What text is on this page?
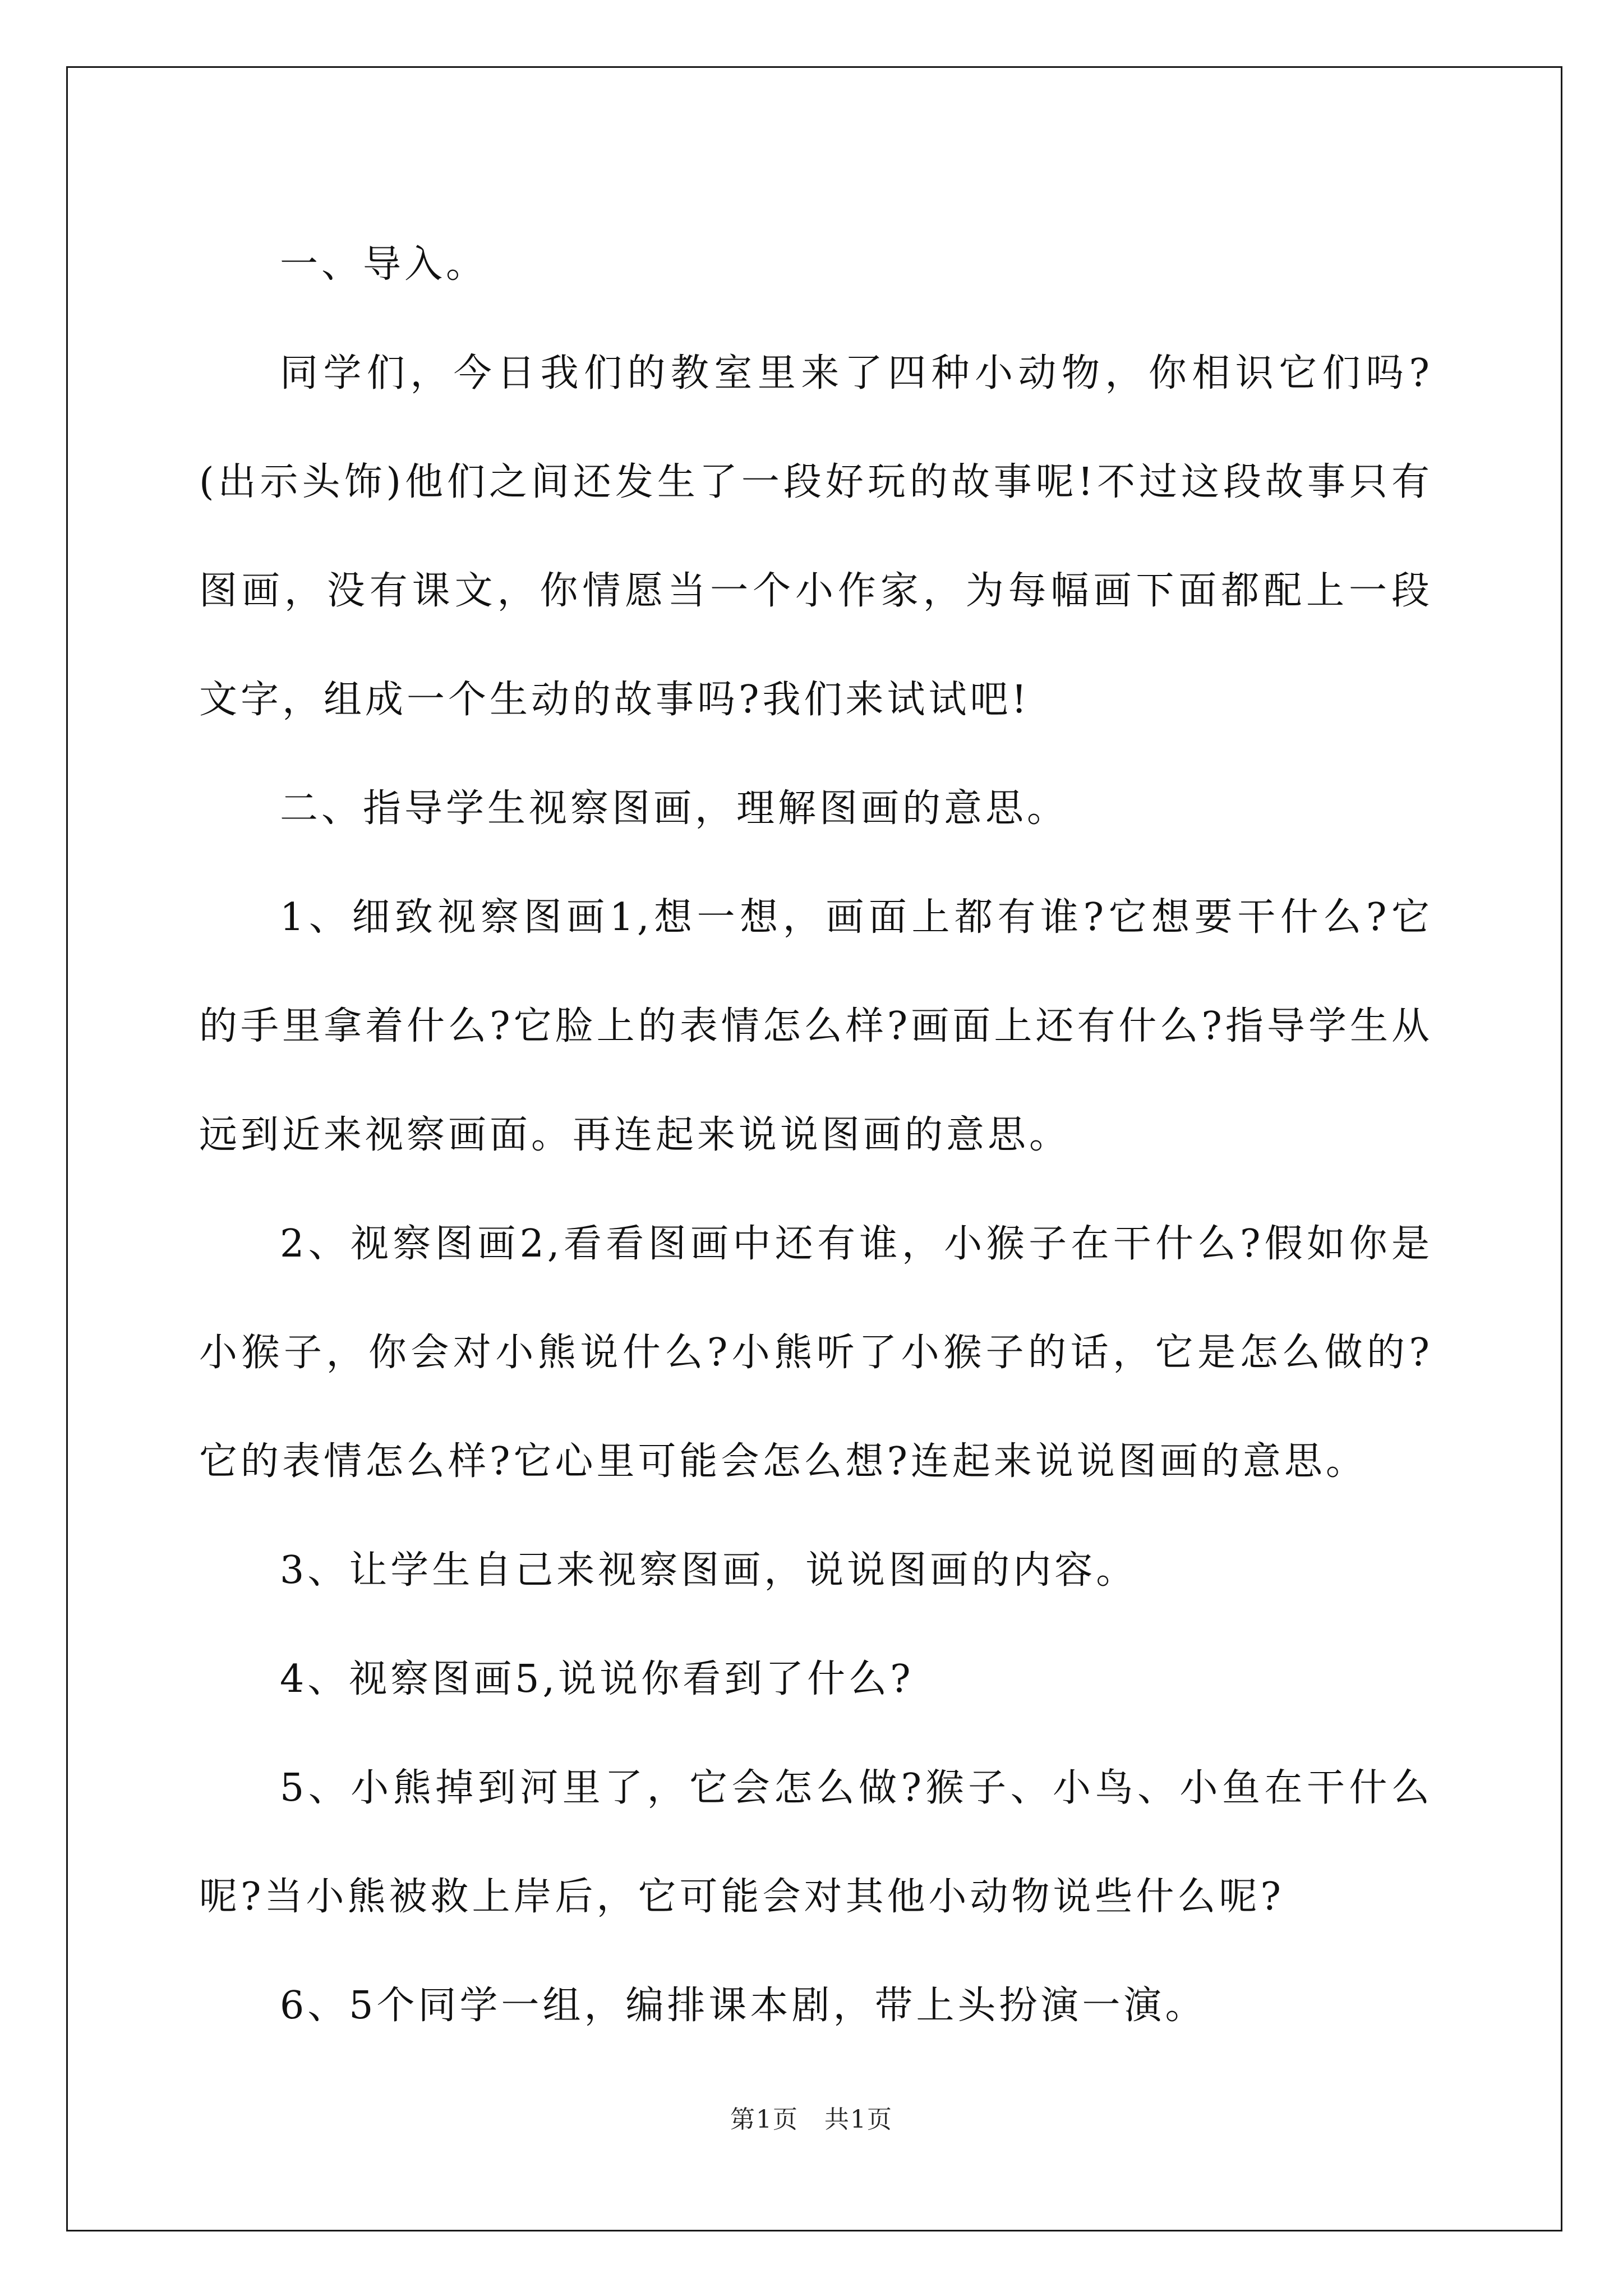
一、导入。

同学们，今日我们的教室里来了四种小动物，你相识它们吗?(出示头饰)他们之间还发生了一段好玩的故事呢!不过这段故事只有图画，没有课文，你情愿当一个小作家，为每幅画下面都配上一段文字，组成一个生动的故事吗?我们来试试吧!

二、指导学生视察图画，理解图画的意思。

1、细致视察图画1,想一想，画面上都有谁?它想要干什么?它的手里拿着什么?它脸上的表情怎么样?画面上还有什么?指导学生从远到近来视察画面。再连起来说说图画的意思。

2、视察图画2,看看图画中还有谁，小猴子在干什么?假如你是小猴子，你会对小熊说什么?小熊听了小猴子的话，它是怎么做的?它的表情怎么样?它心里可能会怎么想?连起来说说图画的意思。

3、让学生自己来视察图画，说说图画的内容。

4、视察图画5,说说你看到了什么?

5、小熊掉到河里了，它会怎么做?猴子、小鸟、小鱼在干什么呢?当小熊被救上岸后，它可能会对其他小动物说些什么呢?

6、5个同学一组，编排课本剧，带上头扮演一演。

第1页 共1页
